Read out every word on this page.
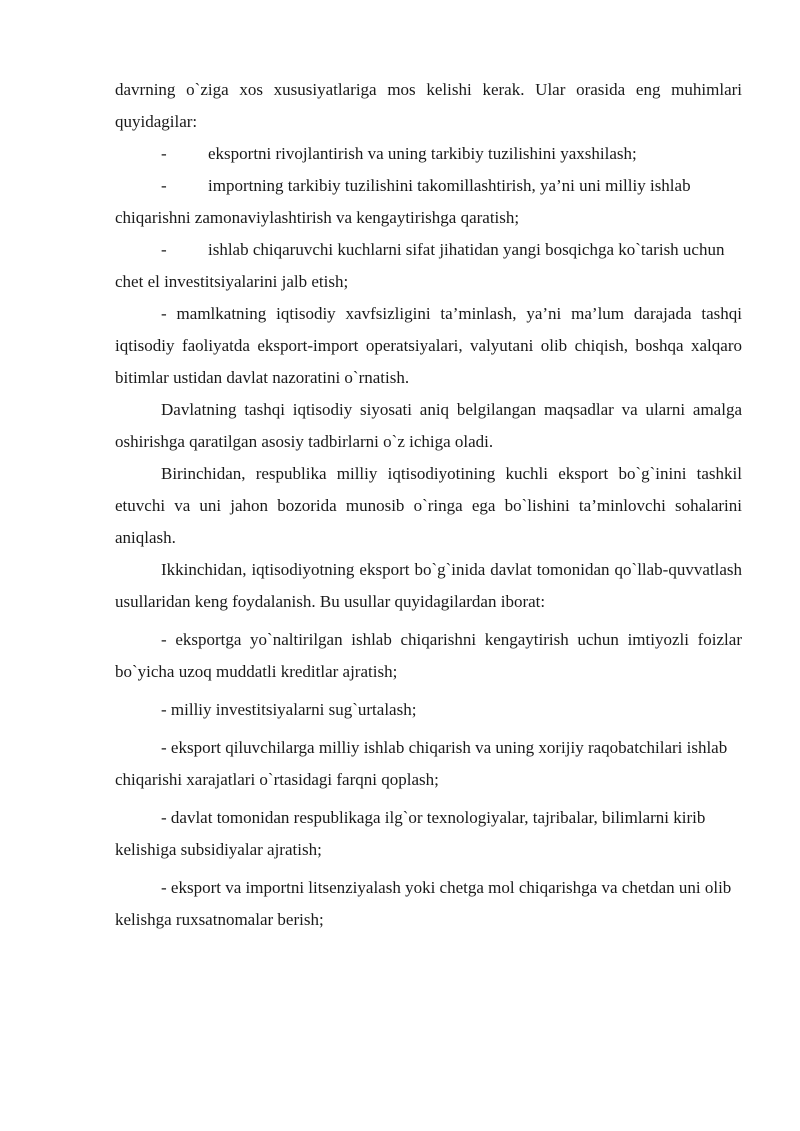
davrning o`ziga xos xususiyatlariga mos kelishi kerak. Ular orasida eng muhimlari quyidagilar:

- eksportni rivojlantirish va uning tarkibiy tuzilishini yaxshilash;

- importning tarkibiy tuzilishini takomillashtirish, ya’ni uni milliy ishlab chiqarishni zamonaviylashtirish va kengaytirishga qaratish;

- ishlab chiqaruvchi kuchlarni sifat jihatidan yangi bosqichga ko`tarish uchun chet el investitsiyalarini jalb etish;

- mamlkatning iqtisodiy xavfsizligini ta’minlash, ya’ni ma’lum darajada tashqi iqtisodiy faoliyatda eksport-import operatsiyalari, valyutani olib chiqish, boshqa xalqaro bitimlar ustidan davlat nazoratini o`rnatish.

Davlatning tashqi iqtisodiy siyosati aniq belgilangan maqsadlar va ularni amalga oshirishga qaratilgan asosiy tadbirlarni o`z ichiga oladi.

Birinchidan, respublika milliy iqtisodiyotining kuchli eksport bo`g`inini tashkil etuvchi va uni jahon bozorida munosib o`ringa ega bo`lishini ta’minlovchi sohalarini aniqlash.

Ikkinchidan, iqtisodiyotning eksport bo`g`inida davlat tomonidan qo`llab-quvvatlash usullaridan keng foydalanish. Bu usullar quyidagilardan iborat:

- eksportga yo`naltirilgan ishlab chiqarishni kengaytirish uchun imtiyozli foizlar bo`yicha uzoq muddatli kreditlar ajratish;

- milliy investitsiyalarni sug`urtalash;

- eksport qiluvchilarga milliy ishlab chiqarish va uning xorijiy raqobatchilari ishlab chiqarishi xarajatlari o`rtasidagi farqni qoplash;

- davlat tomonidan respublikaga ilg`or texnologiyalar, tajribalar, bilimlarni kirib kelishiga subsidiyalar ajratish;

- eksport va importni litsenziyalash yoki chetga mol chiqarishga va chetdan uni olib kelishga ruxsatnomalar berish;
